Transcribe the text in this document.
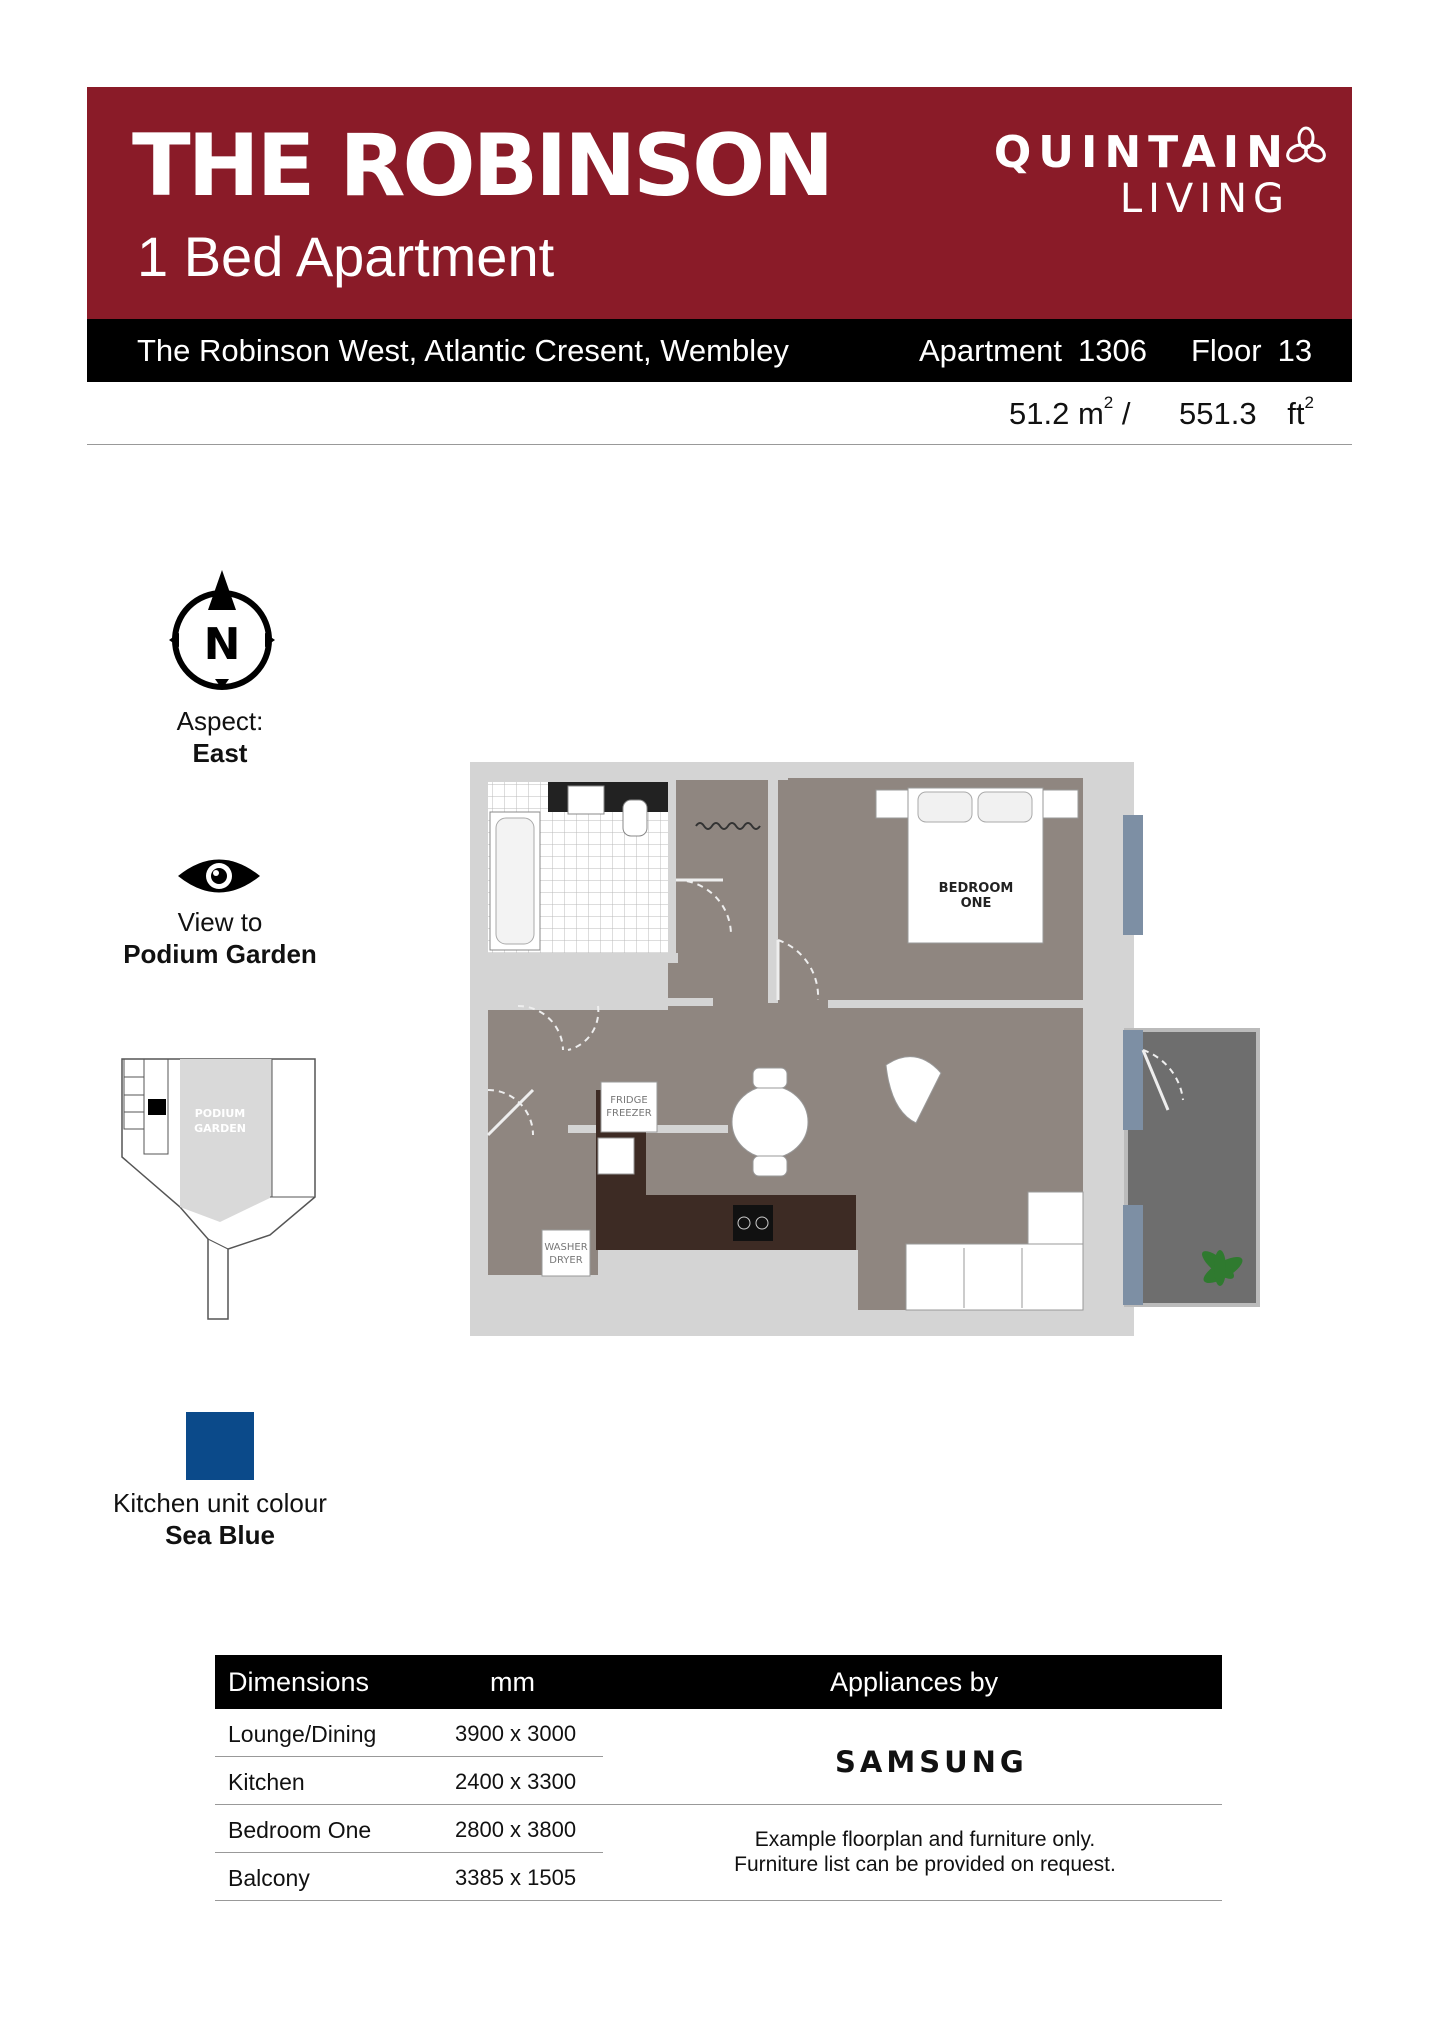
THE ROBINSON
1 Bed Apartment
QUINTAIN
LIVING
The Robinson West, Atlantic Cresent, Wembley	Apartment 1306 Floor 13
51.2 $m^2 / 551.3$ $ft^2$
N
Aspect:
East
View to
Podium Garden
PODIUM
GARDEN
Kitchen unit colour
Sea Blue
BEDROOM
ONE
FRIDGE
FREEZER
WASHER
DRYER
Dimensions	mm	Appliances by
Lounge/Dining	3900 x 3000
Kitchen	2400 x 3300
Bedroom One	2800 x 3800
Balcony	3385 x 1505
SAMSUNG
Example floorplan and furniture only.
Furniture list can be provided on request.
